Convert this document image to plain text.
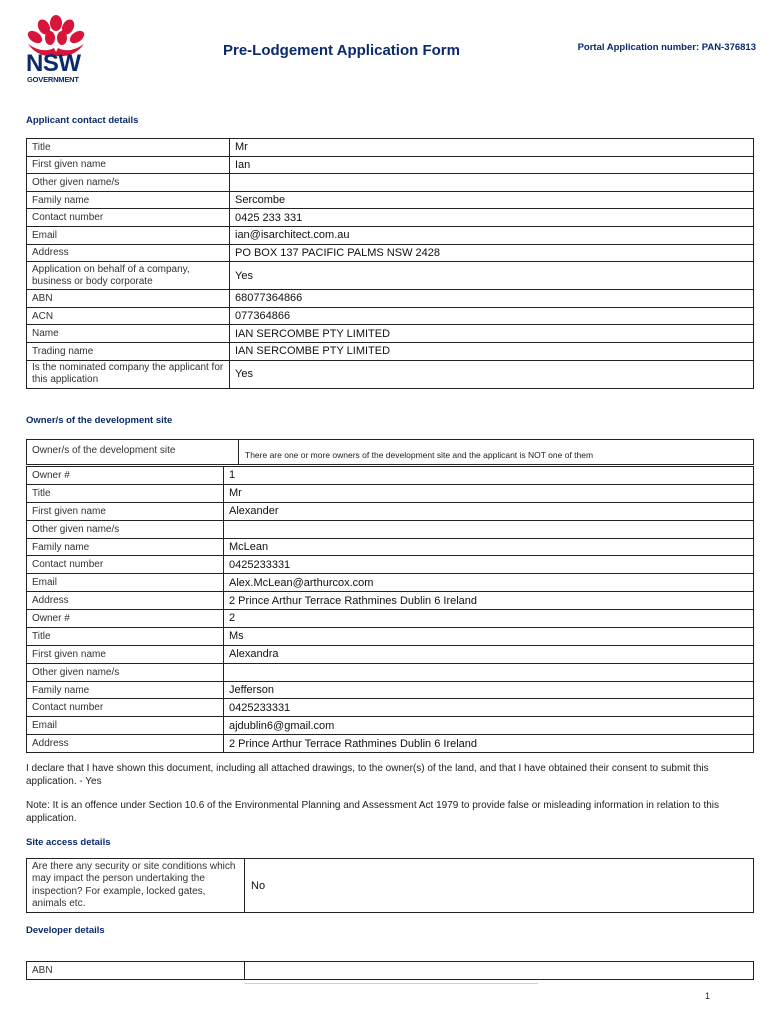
NSW
GOVERNMENT
Pre-Lodgement Application Form	Portal Application number: PAN-376813
Applicant contact details
Title	Mr
First given name	Ian
Other given name/s	
Family name	Sercombe
Contact number	0425 233 331
Email	ian@isarchitect.com.au
Address	PO BOX 137 PACIFIC PALMS NSW 2428
Application on behalf of a company, business or body corporate	Yes
ABN	68077364866
ACN	077364866
Name	IAN SERCOMBE PTY LIMITED
Trading name	IAN SERCOMBE PTY LIMITED
Is the nominated company the applicant for this application	Yes
Owner/s of the development site
Owner/s of the development site	There are one or more owners of the development site and the applicant is NOT one of them
Owner #	1
Title	Mr
First given name	Alexander
Other given name/s	
Family name	McLean
Contact number	0425233331
Email	Alex.McLean@arthurcox.com
Address	2 Prince Arthur Terrace Rathmines Dublin 6 Ireland
Owner #	2
Title	Ms
First given name	Alexandra
Other given name/s	
Family name	Jefferson
Contact number	0425233331
Email	ajdublin6@gmail.com
Address	2 Prince Arthur Terrace Rathmines Dublin 6 Ireland
I declare that I have shown this document, including all attached drawings, to the owner(s) of the land, and that I have obtained their consent to submit this application. - Yes
Note: It is an offence under Section 10.6 of the Environmental Planning and Assessment Act 1979 to provide false or misleading information in relation to this application.
Site access details
Are there any security or site conditions which may impact the person undertaking the inspection? For example, locked gates, animals etc.	No
Developer details
ABN	
1
